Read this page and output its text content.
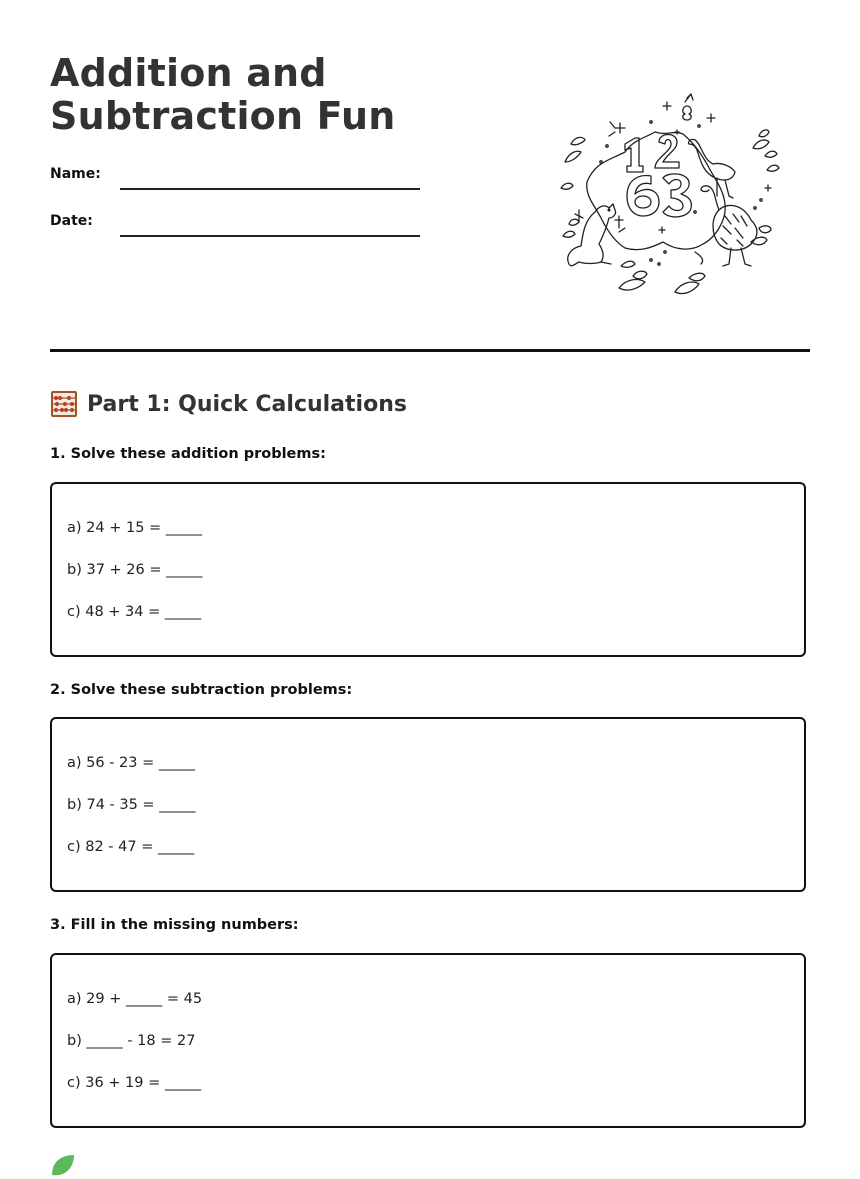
Addition and
Subtraction Fun
Name:
Date:
Part 1: Quick Calculations
1. Solve these addition problems:
a) 24 + 15 = _____
b) 37 + 26 = _____
c) 48 + 34 = _____
2. Solve these subtraction problems:
a) 56 - 23 = _____
b) 74 - 35 = _____
c) 82 - 47 = _____
3. Fill in the missing numbers:
a) 29 + _____ = 45
b) _____ - 18 = 27
c) 36 + 19 = _____
